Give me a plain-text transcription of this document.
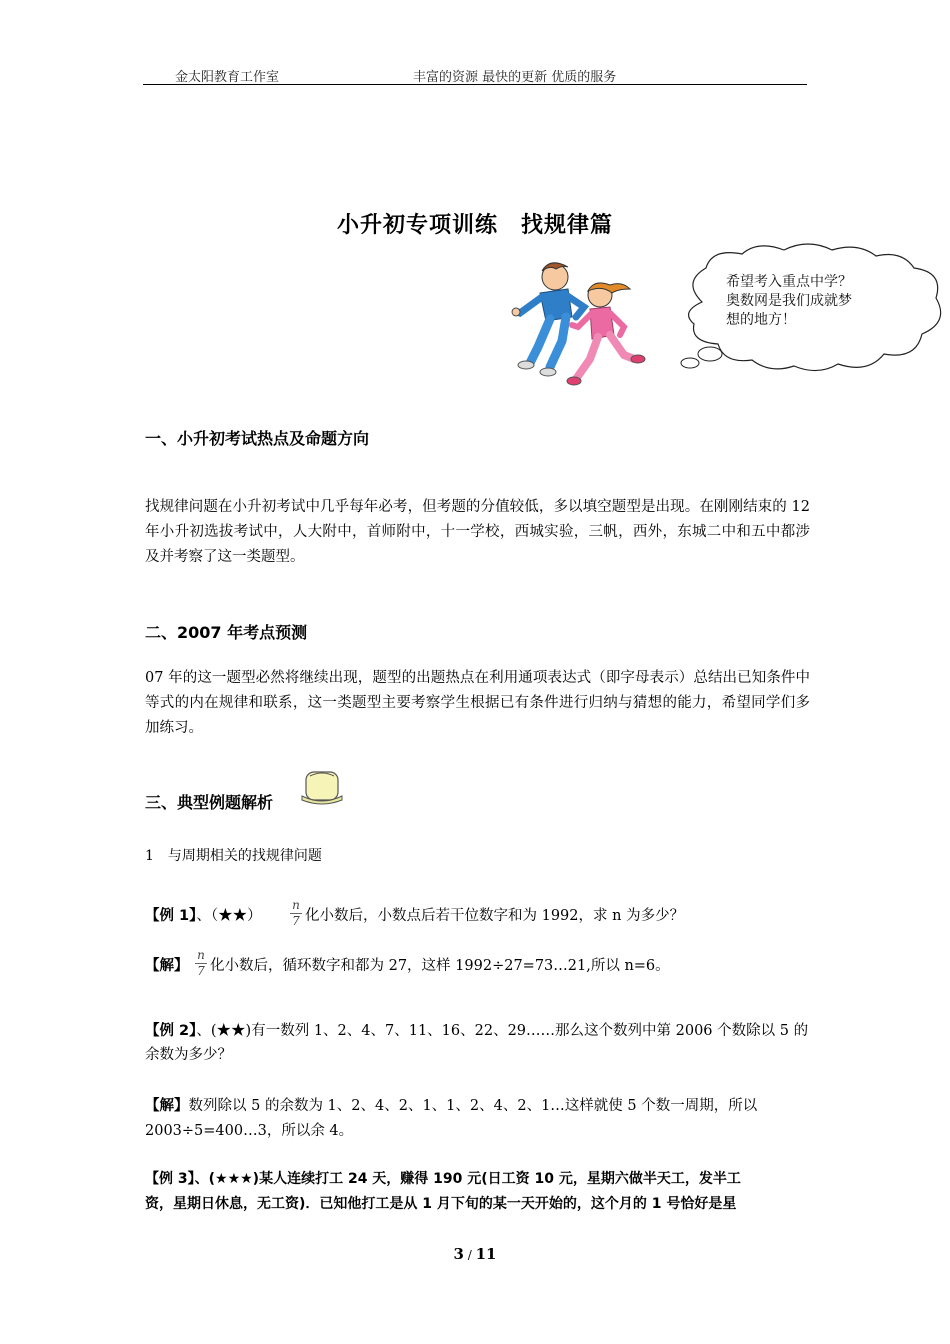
金太阳教育工作室	丰富的资源 最快的更新 优质的服务
小升初专项训练　找规律篇
希望考入重点中学？
奥数网是我们成就梦
想的地方！
一、小升初考试热点及命题方向
找规律问题在小升初考试中几乎每年必考，但考题的分值较低，多以填空题型是出现。在刚刚结束的 12 年小升初选拔考试中，人大附中，首师附中，十一学校，西城实验，三帆，西外，东城二中和五中都涉及并考察了这一类题型。
二、2007 年考点预测
07 年的这一题型必然将继续出现，题型的出题热点在利用通项表达式（即字母表示）总结出已知条件中等式的内在规律和联系，这一类题型主要考察学生根据已有条件进行归纳与猜想的能力，希望同学们多加练习。
三、典型例题解析
1　与周期相关的找规律问题
【例 1】、（★★）
n
7 化小数后，小数点后若干位数字和为 1992，求 n 为多少？
【解】
n
7 化小数后，循环数字和都为 27，这样 1992÷27=73…21,所以 n=6。
【例 2】、(★★)有一数列 1、2、4、7、11、16、22、29……那么这个数列中第 2006 个数除以 5 的
余数为多少？
【解】数列除以 5 的余数为 1、2、4、2、1、1、2、4、2、1…这样就使 5 个数一周期，所以
2003÷5=400…3，所以余 4。
【例 3】、(★★★)某人连续打工 24 天，赚得 190 元(日工资 10 元，星期六做半天工，发半工
资，星期日休息，无工资)．已知他打工是从 1 月下旬的某一天开始的，这个月的 1 号恰好是星
3 / 11
